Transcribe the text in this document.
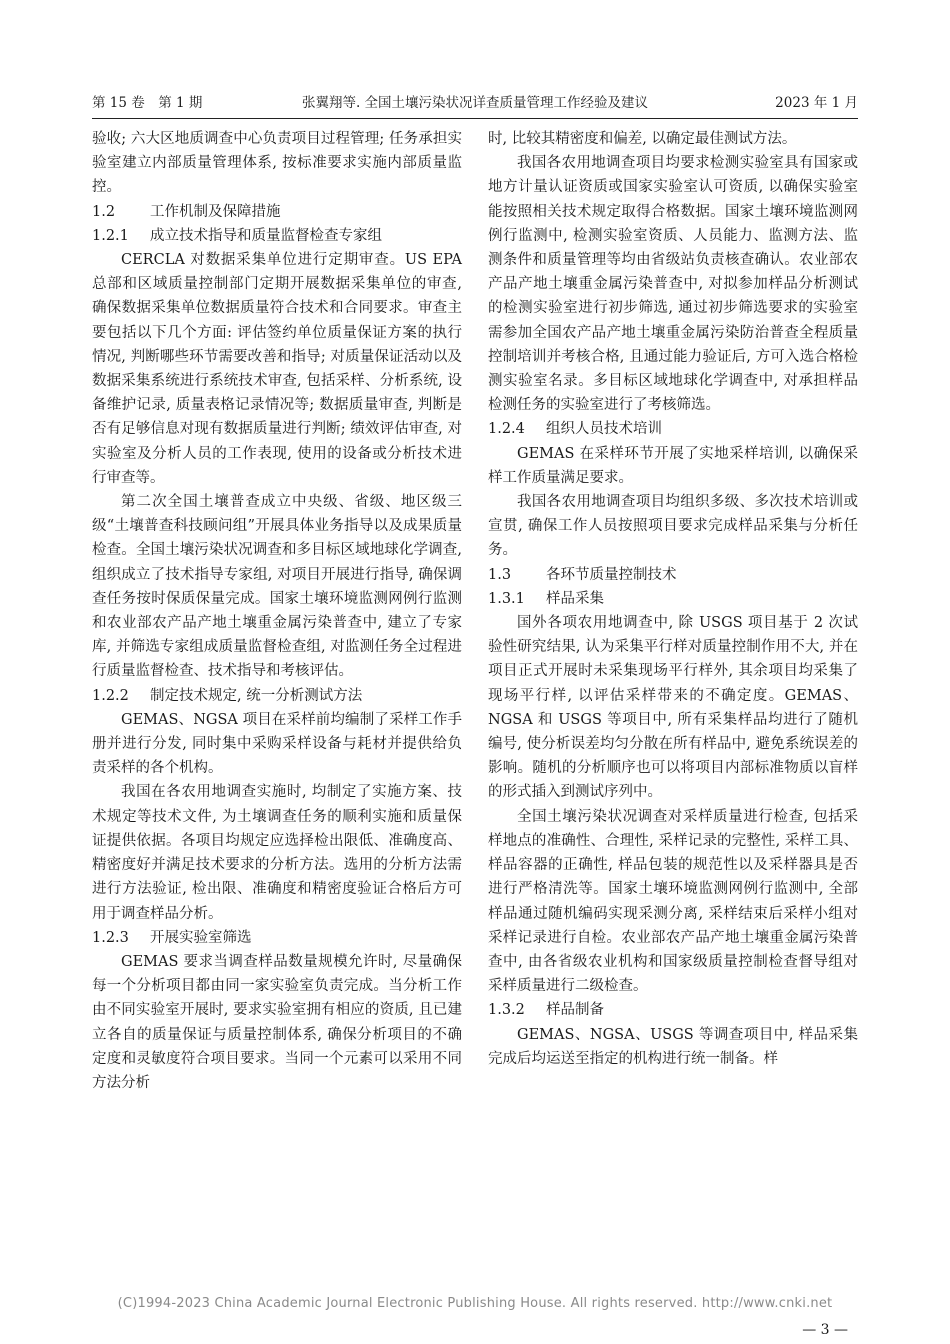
第 15 卷　第 1 期	张翼翔等. 全国土壤污染状况详查质量管理工作经验及建议	2023 年 1 月

验收; 六大区地质调查中心负责项目过程管理; 任务承担实验室建立内部质量管理体系, 按标准要求实施内部质量监控。

1.2 工作机制及保障措施
1.2.1 成立技术指导和质量监督检查专家组

CERCLA 对数据采集单位进行定期审查。US EPA 总部和区域质量控制部门定期开展数据采集单位的审查, 确保数据采集单位数据质量符合技术和合同要求。审查主要包括以下几个方面: 评估签约单位质量保证方案的执行情况, 判断哪些环节需要改善和指导; 对质量保证活动以及数据采集系统进行系统技术审查, 包括采样、分析系统, 设备维护记录, 质量表格记录情况等; 数据质量审查, 判断是否有足够信息对现有数据质量进行判断; 绩效评估审查, 对实验室及分析人员的工作表现, 使用的设备或分析技术进行审查等。

第二次全国土壤普查成立中央级、省级、地区级三级“土壤普查科技顾问组”开展具体业务指导以及成果质量检查。全国土壤污染状况调查和多目标区域地球化学调查, 组织成立了技术指导专家组, 对项目开展进行指导, 确保调查任务按时保质保量完成。国家土壤环境监测网例行监测和农业部农产品产地土壤重金属污染普查中, 建立了专家库, 并筛选专家组成质量监督检查组, 对监测任务全过程进行质量监督检查、技术指导和考核评估。

1.2.2 制定技术规定, 统一分析测试方法

GEMAS、NGSA 项目在采样前均编制了采样工作手册并进行分发, 同时集中采购采样设备与耗材并提供给负责采样的各个机构。

我国在各农用地调查实施时, 均制定了实施方案、技术规定等技术文件, 为土壤调查任务的顺利实施和质量保证提供依据。各项目均规定应选择检出限低、准确度高、精密度好并满足技术要求的分析方法。选用的分析方法需进行方法验证, 检出限、准确度和精密度验证合格后方可用于调查样品分析。

1.2.3 开展实验室筛选

GEMAS 要求当调查样品数量规模允许时, 尽量确保每一个分析项目都由同一家实验室负责完成。当分析工作由不同实验室开展时, 要求实验室拥有相应的资质, 且已建立各自的质量保证与质量控制体系, 确保分析项目的不确定度和灵敏度符合项目要求。当同一个元素可以采用不同方法分析

时, 比较其精密度和偏差, 以确定最佳测试方法。

我国各农用地调查项目均要求检测实验室具有国家或地方计量认证资质或国家实验室认可资质, 以确保实验室能按照相关技术规定取得合格数据。国家土壤环境监测网例行监测中, 检测实验室资质、人员能力、监测方法、监测条件和质量管理等均由省级站负责核查确认。农业部农产品产地土壤重金属污染普查中, 对拟参加样品分析测试的检测实验室进行初步筛选, 通过初步筛选要求的实验室需参加全国农产品产地土壤重金属污染防治普查全程质量控制培训并考核合格, 且通过能力验证后, 方可入选合格检测实验室名录。多目标区域地球化学调查中, 对承担样品检测任务的实验室进行了考核筛选。

1.2.4 组织人员技术培训

GEMAS 在采样环节开展了实地采样培训, 以确保采样工作质量满足要求。

我国各农用地调查项目均组织多级、多次技术培训或宣贯, 确保工作人员按照项目要求完成样品采集与分析任务。

1.3 各环节质量控制技术
1.3.1 样品采集

国外各项农用地调查中, 除 USGS 项目基于 2 次试验性研究结果, 认为采集平行样对质量控制作用不大, 并在项目正式开展时未采集现场平行样外, 其余项目均采集了现场平行样, 以评估采样带来的不确定度。GEMAS、NGSA 和 USGS 等项目中, 所有采集样品均进行了随机编号, 使分析误差均匀分散在所有样品中, 避免系统误差的影响。随机的分析顺序也可以将项目内部标准物质以盲样的形式插入到测试序列中。

全国土壤污染状况调查对采样质量进行检查, 包括采样地点的准确性、合理性, 采样记录的完整性, 采样工具、样品容器的正确性, 样品包装的规范性以及采样器具是否进行严格清洗等。国家土壤环境监测网例行监测中, 全部样品通过随机编码实现采测分离, 采样结束后采样小组对采样记录进行自检。农业部农产品产地土壤重金属污染普查中, 由各省级农业机构和国家级质量控制检查督导组对采样质量进行二级检查。

1.3.2 样品制备

GEMAS、NGSA、USGS 等调查项目中, 样品采集完成后均运送至指定的机构进行统一制备。样

— 3 —
(C)1994-2023 China Academic Journal Electronic Publishing House. All rights reserved. http://www.cnki.net
